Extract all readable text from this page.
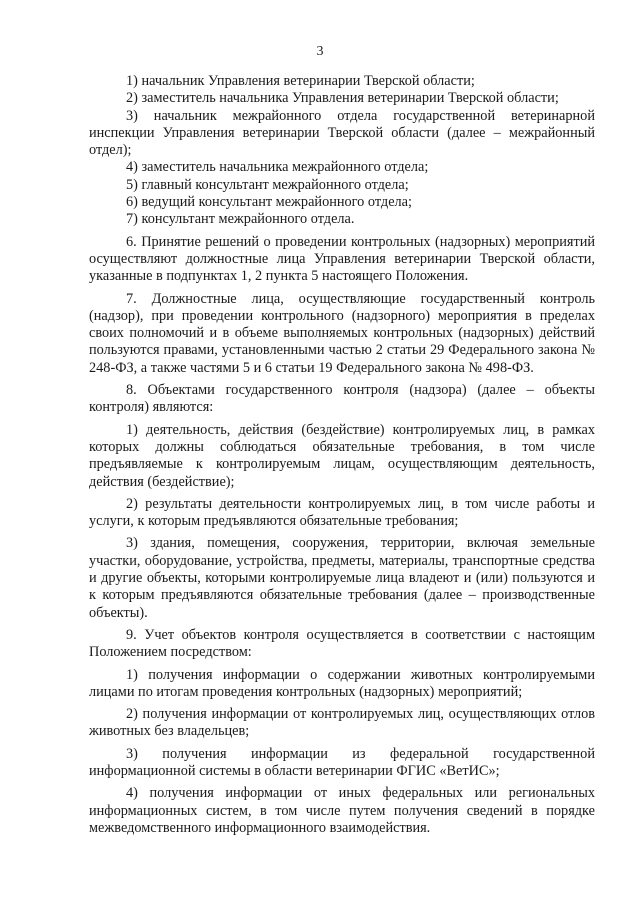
3

1) начальник Управления ветеринарии Тверской области;

2) заместитель начальника Управления ветеринарии Тверской области;

3) начальник межрайонного отдела государственной ветеринарной инспекции Управления ветеринарии Тверской области (далее – межрайонный отдел);

4) заместитель начальника межрайонного отдела;

5) главный консультант межрайонного отдела;

6) ведущий консультант межрайонного отдела;

7) консультант межрайонного отдела.

6. Принятие решений о проведении контрольных (надзорных) мероприятий осуществляют должностные лица Управления ветеринарии Тверской области, указанные в подпунктах 1, 2 пункта 5 настоящего Положения.

7. Должностные лица, осуществляющие государственный контроль (надзор), при проведении контрольного (надзорного) мероприятия в пределах своих полномочий и в объеме выполняемых контрольных (надзорных) действий пользуются правами, установленными частью 2 статьи 29 Федерального закона № 248-ФЗ, а также частями 5 и 6 статьи 19 Федерального закона № 498-ФЗ.

8. Объектами государственного контроля (надзора) (далее – объекты контроля) являются:

1) деятельность, действия (бездействие) контролируемых лиц, в рамках которых должны соблюдаться обязательные требования, в том числе предъявляемые к контролируемым лицам, осуществляющим деятельность, действия (бездействие);

2) результаты деятельности контролируемых лиц, в том числе работы и услуги, к которым предъявляются обязательные требования;

3) здания, помещения, сооружения, территории, включая земельные участки, оборудование, устройства, предметы, материалы, транспортные средства и другие объекты, которыми контролируемые лица владеют и (или) пользуются и к которым предъявляются обязательные требования (далее – производственные объекты).

9. Учет объектов контроля осуществляется в соответствии с настоящим Положением посредством:

1) получения информации о содержании животных контролируемыми лицами по итогам проведения контрольных (надзорных) мероприятий;

2) получения информации от контролируемых лиц, осуществляющих отлов животных без владельцев;

3) получения информации из федеральной государственной информационной системы в области ветеринарии ФГИС «ВетИС»;

4) получения информации от иных федеральных или региональных информационных систем, в том числе путем получения сведений в порядке межведомственного информационного взаимодействия.
